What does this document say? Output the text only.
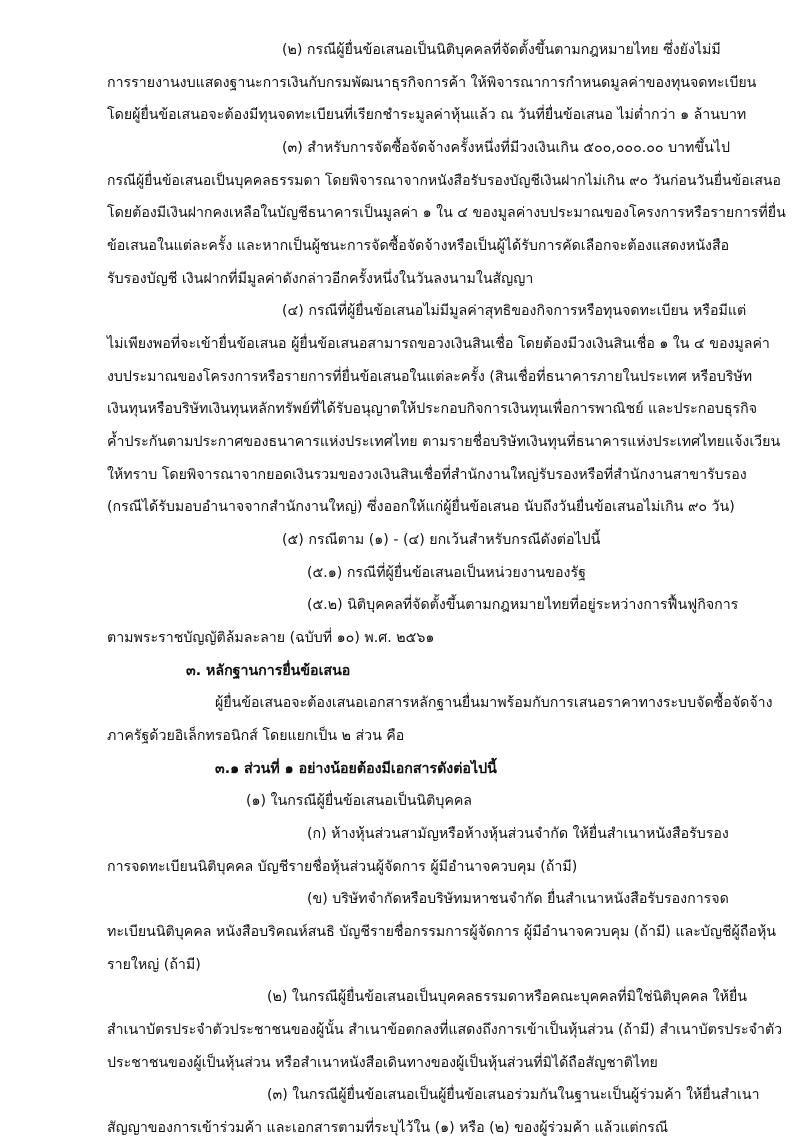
(๒) กรณีผู้ยื่นข้อเสนอเป็นนิติบุคคลที่จัดตั้งขึ้นตามกฎหมายไทย ซึ่งยังไม่มี
การรายงานงบแสดงฐานะการเงินกับกรมพัฒนาธุรกิจการค้า ให้พิจารณาการกำหนดมูลค่าของทุนจดทะเบียน
โดยผู้ยื่นข้อเสนอจะต้องมีทุนจดทะเบียนที่เรียกชำระมูลค่าหุ้นแล้ว ณ วันที่ยื่นข้อเสนอ ไม่ต่ำกว่า ๑ ล้านบาท
(๓) สำหรับการจัดซื้อจัดจ้างครั้งหนึ่งที่มีวงเงินเกิน ๕๐๐,๐๐๐.๐๐ บาทขึ้นไป
กรณีผู้ยื่นข้อเสนอเป็นบุคคลธรรมดา โดยพิจารณาจากหนังสือรับรองบัญชีเงินฝากไม่เกิน ๙๐ วันก่อนวันยื่นข้อเสนอ
โดยต้องมีเงินฝากคงเหลือในบัญชีธนาคารเป็นมูลค่า ๑ ใน ๔ ของมูลค่างบประมาณของโครงการหรือรายการที่ยื่น
ข้อเสนอในแต่ละครั้ง และหากเป็นผู้ชนะการจัดซื้อจัดจ้างหรือเป็นผู้ได้รับการคัดเลือกจะต้องแสดงหนังสือ
รับรองบัญชี เงินฝากที่มีมูลค่าดังกล่าวอีกครั้งหนึ่งในวันลงนามในสัญญา
(๔) กรณีที่ผู้ยื่นข้อเสนอไม่มีมูลค่าสุทธิของกิจการหรือทุนจดทะเบียน หรือมีแต่
ไม่เพียงพอที่จะเข้ายื่นข้อเสนอ ผู้ยื่นข้อเสนอสามารถขอวงเงินสินเชื่อ โดยต้องมีวงเงินสินเชื่อ ๑ ใน ๔ ของมูลค่า
งบประมาณของโครงการหรือรายการที่ยื่นข้อเสนอในแต่ละครั้ง (สินเชื่อที่ธนาคารภายในประเทศ หรือบริษัท
เงินทุนหรือบริษัทเงินทุนหลักทรัพย์ที่ได้รับอนุญาตให้ประกอบกิจการเงินทุนเพื่อการพาณิชย์ และประกอบธุรกิจ
ค้ำประกันตามประกาศของธนาคารแห่งประเทศไทย ตามรายชื่อบริษัทเงินทุนที่ธนาคารแห่งประเทศไทยแจ้งเวียน
ให้ทราบ โดยพิจารณาจากยอดเงินรวมของวงเงินสินเชื่อที่สำนักงานใหญ่รับรองหรือที่สำนักงานสาขารับรอง
(กรณีได้รับมอบอำนาจจากสำนักงานใหญ่) ซึ่งออกให้แก่ผู้ยื่นข้อเสนอ นับถึงวันยื่นข้อเสนอไม่เกิน ๙๐ วัน)
(๕) กรณีตาม (๑) - (๔) ยกเว้นสำหรับกรณีดังต่อไปนี้
(๕.๑) กรณีที่ผู้ยื่นข้อเสนอเป็นหน่วยงานของรัฐ
(๕.๒) นิติบุคคลที่จัดตั้งขึ้นตามกฎหมายไทยที่อยู่ระหว่างการฟื้นฟูกิจการ
ตามพระราชบัญญัติล้มละลาย (ฉบับที่ ๑๐) พ.ศ. ๒๕๖๑
๓. หลักฐานการยื่นข้อเสนอ
ผู้ยื่นข้อเสนอจะต้องเสนอเอกสารหลักฐานยื่นมาพร้อมกับการเสนอราคาทางระบบจัดซื้อจัดจ้าง
ภาครัฐด้วยอิเล็กทรอนิกส์ โดยแยกเป็น ๒ ส่วน คือ
๓.๑ ส่วนที่ ๑ อย่างน้อยต้องมีเอกสารดังต่อไปนี้
(๑) ในกรณีผู้ยื่นข้อเสนอเป็นนิติบุคคล
(ก) ห้างหุ้นส่วนสามัญหรือห้างหุ้นส่วนจำกัด ให้ยื่นสำเนาหนังสือรับรอง
การจดทะเบียนนิติบุคคล บัญชีรายชื่อหุ้นส่วนผู้จัดการ ผู้มีอำนาจควบคุม (ถ้ามี)
(ข) บริษัทจำกัดหรือบริษัทมหาชนจำกัด ยื่นสำเนาหนังสือรับรองการจด
ทะเบียนนิติบุคคล หนังสือบริคณห์สนธิ บัญชีรายชื่อกรรมการผู้จัดการ ผู้มีอำนาจควบคุม (ถ้ามี) และบัญชีผู้ถือหุ้น
รายใหญ่ (ถ้ามี)
(๒) ในกรณีผู้ยื่นข้อเสนอเป็นบุคคลธรรมดาหรือคณะบุคคลที่มิใช่นิติบุคคล ให้ยื่น
สำเนาบัตรประจำตัวประชาชนของผู้นั้น สำเนาข้อตกลงที่แสดงถึงการเข้าเป็นหุ้นส่วน (ถ้ามี) สำเนาบัตรประจำตัว
ประชาชนของผู้เป็นหุ้นส่วน หรือสำเนาหนังสือเดินทางของผู้เป็นหุ้นส่วนที่มิได้ถือสัญชาติไทย
(๓) ในกรณีผู้ยื่นข้อเสนอเป็นผู้ยื่นข้อเสนอร่วมกันในฐานะเป็นผู้ร่วมค้า ให้ยื่นสำเนา
สัญญาของการเข้าร่วมค้า และเอกสารตามที่ระบุไว้ใน (๑) หรือ (๒) ของผู้ร่วมค้า แล้วแต่กรณี
